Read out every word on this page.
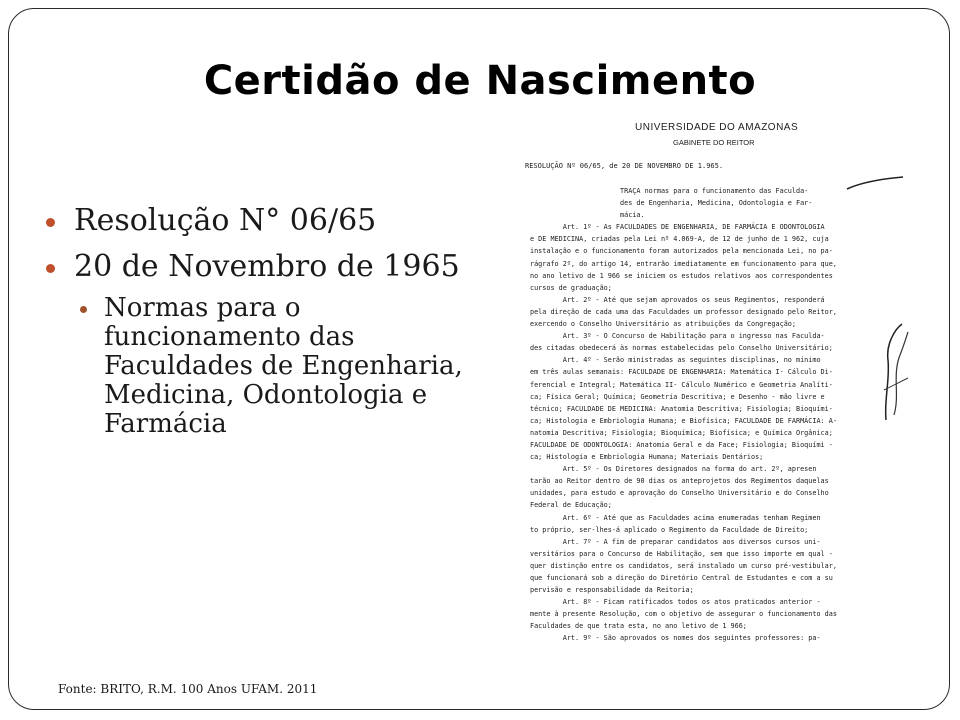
Certidão de Nascimento
Resolução N° 06/65
20 de Novembro de 1965
Normas para o
funcionamento das
Faculdades de Engenharia,
Medicina, Odontologia e
Farmácia
UNIVERSIDADE DO AMAZONAS
GABINETE DO REITOR
RESOLUÇÃO Nº 06/65, de 20 DE NOVEMBRO DE 1.965.
TRAÇA normas para o funcionamento das Faculda-
des de Engenharia, Medicina, Odontologia e Far-
mácia.
Art. 1º - As FACULDADES DE ENGENHARIA, DE FARMÁCIA E ODONTOLOGIA
e DE MEDICINA, criadas pela Lei nº 4.069-A, de 12 de junho de 1 962, cuja
instalação e o funcionamento foram autorizados pela mencionada Lei, no pa-
rágrafo 2º, do artigo 14, entrarão imediatamente em funcionamento para que,
no ano letivo de 1 966 se iniciem os estudos relativos aos correspondentes
cursos de graduação;
Art. 2º - Até que sejam aprovados os seus Regimentos, responderá
pela direção de cada uma das Faculdades um professor designado pelo Reitor,
exercendo o Conselho Universitário as atribuições da Congregação;
Art. 3º - O Concurso de Habilitação para o ingresso nas Faculda-
des citadas obedecerá às normas estabelecidas pelo Conselho Universitário;
Art. 4º - Serão ministradas as seguintes disciplinas, no mínimo
em três aulas semanais: FACULDADE DE ENGENHARIA: Matemática I- Cálculo Di-
ferencial e Integral; Matemática II- Cálculo Numérico e Geometria Analíti-
ca; Física Geral; Química; Geometria Descritiva; e Desenho - mão livre e
técnico; FACULDADE DE MEDICINA: Anatomia Descritiva; Fisiologia; Bioquími-
ca; Histologia e Embriologia Humana; e Biofísica; FACULDADE DE FARMÁCIA: A-
natomia Descritiva; Fisiologia; Bioquímica; Biofísica; e Química Orgânica;
FACULDADE DE ODONTOLOGIA: Anatomia Geral e da Face; Fisiologia; Bioquími -
ca; Histologia e Embriologia Humana; Materiais Dentários;
Art. 5º - Os Diretores designados na forma do art. 2º, apresen
tarão ao Reitor dentro de 90 dias os anteprojetos dos Regimentos daquelas
unidades, para estudo e aprovação do Conselho Universitário e do Conselho
Federal de Educação;
Art. 6º - Até que as Faculdades acima enumeradas tenham Regimen
to próprio, ser-lhes-á aplicado o Regimento da Faculdade de Direito;
Art. 7º - A fim de preparar candidatos aos diversos cursos uni-
versitários para o Concurso de Habilitação, sem que isso importe em qual -
quer distinção entre os candidatos, será instalado um curso pré-vestibular,
que funcionará sob a direção do Diretório Central de Estudantes e com a su
pervisão e responsabilidade da Reitoria;
Art. 8º - Ficam ratificados todos os atos praticados anterior -
mente à presente Resolução, com o objetivo de assegurar o funcionamento das
Faculdades de que trata esta, no ano letivo de 1 966;
Art. 9º - São aprovados os nomes dos seguintes professores: pa-
Fonte: BRITO, R.M. 100 Anos UFAM. 2011
